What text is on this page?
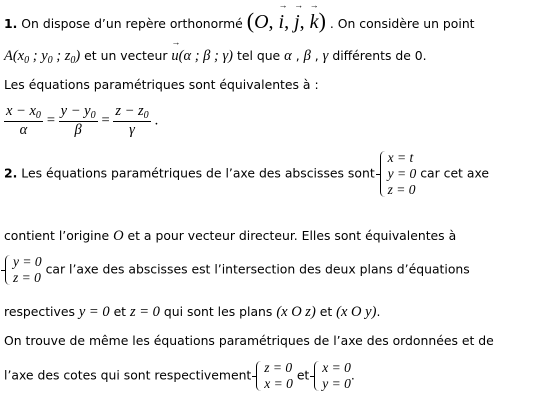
1. On dispose d’un repère orthonormé (O, → i, → j, → k) . On considère un point
$A(x_0$ ; $y_0$ ; $z_0$) et un vecteur → u(α ; β ; γ) tel que α , β , γ différents de 0.
Les équations paramétriques sont équivalentes à :
$\frac{x - x_0}{\alpha} = \frac{y - y_0}{\beta} = \frac{z - z_0}{\gamma}$ .
2. Les équations paramétriques de l’axe des abscisses sont
x = t
y = 0
z = 0
car cet axe
contient l’origine O et a pour vecteur directeur. Elles sont équivalentes à
y = 0
z = 0
car l’axe des abscisses est l’intersection des deux plans d’équations
respectives y = 0 et z = 0 qui sont les plans (x O z) et (x O y).
On trouve de même les équations paramétriques de l’axe des ordonnées et de
l’axe des cotes qui sont respectivement z = 0
x = 0
et x = 0
y = 0
.
